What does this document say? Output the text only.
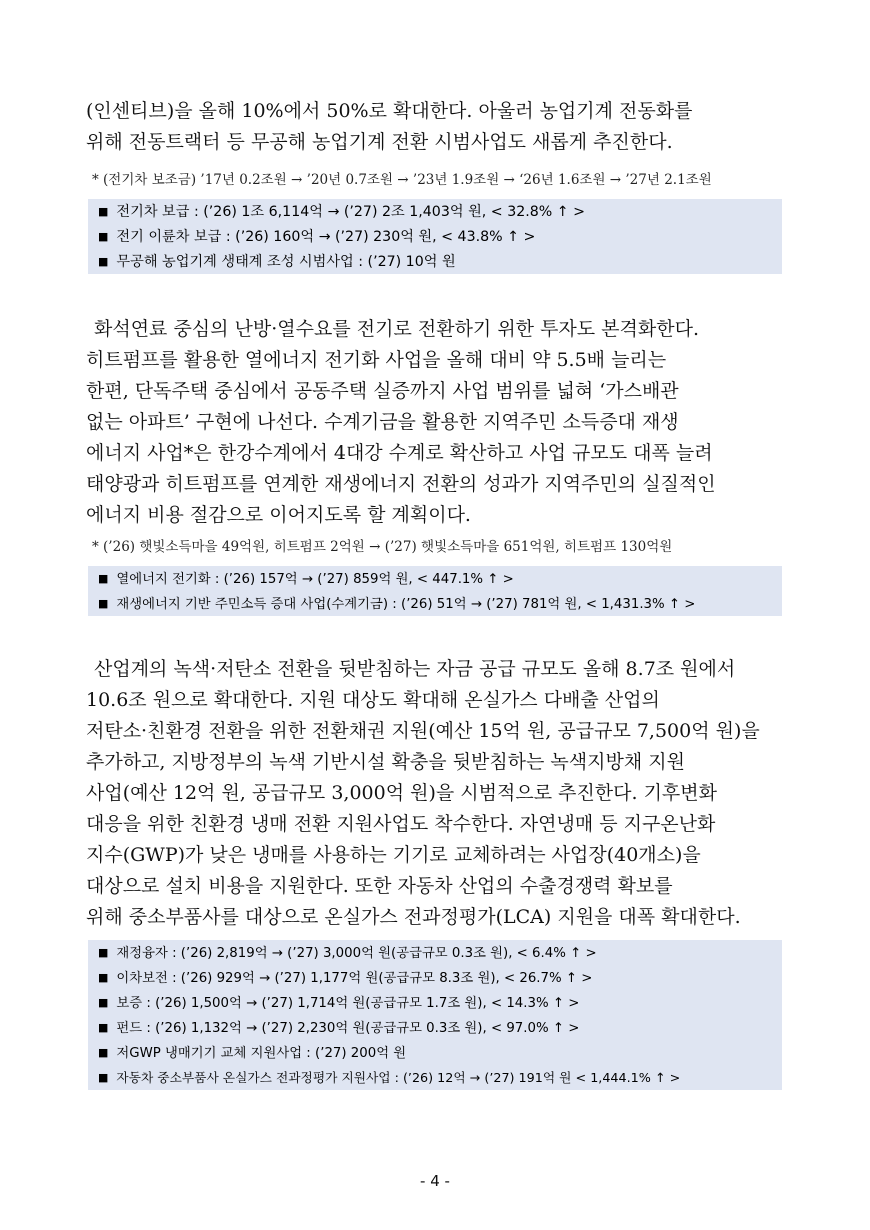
(인센티브)을 올해 10%에서 50%로 확대한다. 아울러 농업기계 전동화를
위해 전동트랙터 등 무공해 농업기계 전환 시범사업도 새롭게 추진한다.
* (전기차 보조금) ’17년 0.2조원 → ’20년 0.7조원 → ’23년 1.9조원 → ‘26년 1.6조원 → ’27년 2.1조원
■ 전기차 보급 : (’26) 1조 6,114억 → (’27) 2조 1,403억 원, < 32.8% ↑ >
■ 전기 이륜차 보급 : (’26) 160억 → (’27) 230억 원, < 43.8% ↑ >
■ 무공해 농업기계 생태계 조성 시범사업 : (’27) 10억 원
화석연료 중심의 난방·열수요를 전기로 전환하기 위한 투자도 본격화한다.
히트펌프를 활용한 열에너지 전기화 사업을 올해 대비 약 5.5배 늘리는
한편, 단독주택 중심에서 공동주택 실증까지 사업 범위를 넓혀 ‘가스배관
없는 아파트’ 구현에 나선다. 수계기금을 활용한 지역주민 소득증대 재생
에너지 사업*은 한강수계에서 4대강 수계로 확산하고 사업 규모도 대폭 늘려
태양광과 히트펌프를 연계한 재생에너지 전환의 성과가 지역주민의 실질적인
에너지 비용 절감으로 이어지도록 할 계획이다.
* (’26) 햇빛소득마을 49억원, 히트펌프 2억원 → (’27) 햇빛소득마을 651억원, 히트펌프 130억원
■ 열에너지 전기화 : (’26) 157억 → (’27) 859억 원, < 447.1% ↑ >
■ 재생에너지 기반 주민소득 증대 사업(수계기금) : (’26) 51억 → (’27) 781억 원, < 1,431.3% ↑ >
산업계의 녹색·저탄소 전환을 뒷받침하는 자금 공급 규모도 올해 8.7조 원에서
10.6조 원으로 확대한다. 지원 대상도 확대해 온실가스 다배출 산업의
저탄소·친환경 전환을 위한 전환채권 지원(예산 15억 원, 공급규모 7,500억 원)을
추가하고, 지방정부의 녹색 기반시설 확충을 뒷받침하는 녹색지방채 지원
사업(예산 12억 원, 공급규모 3,000억 원)을 시범적으로 추진한다. 기후변화
대응을 위한 친환경 냉매 전환 지원사업도 착수한다. 자연냉매 등 지구온난화
지수(GWP)가 낮은 냉매를 사용하는 기기로 교체하려는 사업장(40개소)을
대상으로 설치 비용을 지원한다. 또한 자동차 산업의 수출경쟁력 확보를
위해 중소부품사를 대상으로 온실가스 전과정평가(LCA) 지원을 대폭 확대한다.
■ 재정융자 : (’26) 2,819억 → (’27) 3,000억 원(공급규모 0.3조 원), < 6.4% ↑ >
■ 이차보전 : (’26) 929억 → (’27) 1,177억 원(공급규모 8.3조 원), < 26.7% ↑ >
■ 보증 : (’26) 1,500억 → (’27) 1,714억 원(공급규모 1.7조 원), < 14.3% ↑ >
■ 펀드 : (’26) 1,132억 → (’27) 2,230억 원(공급규모 0.3조 원), < 97.0% ↑ >
■ 저GWP 냉매기기 교체 지원사업 : (’27) 200억 원
■ 자동차 중소부품사 온실가스 전과정평가 지원사업 : (’26) 12억 → (’27) 191억 원 < 1,444.1% ↑ >
- 4 -
